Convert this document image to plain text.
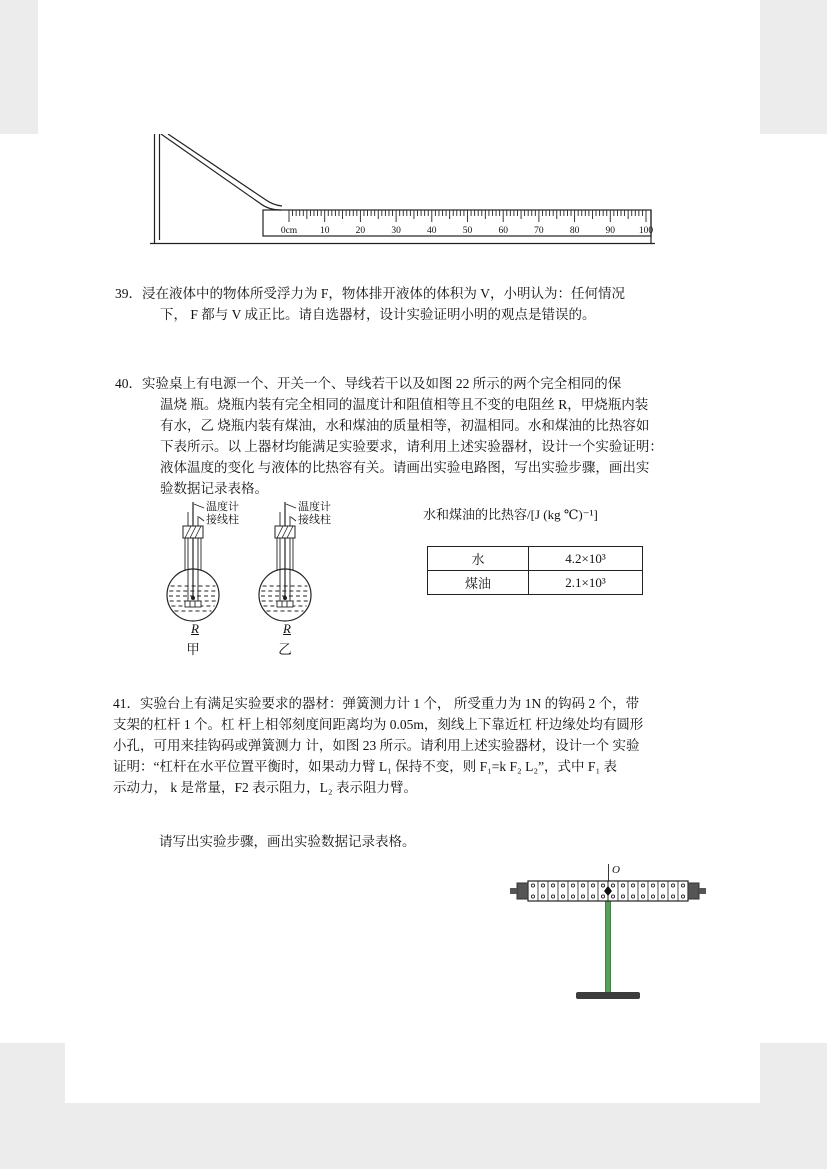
0cm 10	20	30	40	50	60	70	80	90	100
39．浸在液体中的物体所受浮力为 F，物体排开液体的体积为 V，小明认为：任何情况
下， F 都与 V 成正比。请自选器材，设计实验证明小明的观点是错误的。
40．实验桌上有电源一个、开关一个、导线若干以及如图 22 所示的两个完全相同的保
温烧 瓶。烧瓶内装有完全相同的温度计和阻值相等且不变的电阻丝 R，甲烧瓶内装
有水，乙 烧瓶内装有煤油，水和煤油的质量相等，初温相同。水和煤油的比热容如
下表所示。以 上器材均能满足实验要求，请利用上述实验器材，设计一个实验证明：
液体温度的变化 与液体的比热容有关。请画出实验电路图，写出实验步骤，画出实
验数据记录表格。
温度计
接线柱
温度计
接线柱
R	R
甲	乙
水和煤油的比热容/[J (kg ℃)⁻¹]
水	4.2×10³
煤油	2.1×10³
41．实验台上有满足实验要求的器材：弹簧测力计 1 个， 所受重力为 1N 的钩码 2 个，带
支架的杠杆 1 个。杠 杆上相邻刻度间距离均为 0.05m，刻线上下靠近杠 杆边缘处均有圆形
小孔，可用来挂钩码或弹簧测力 计，如图 23 所示。请利用上述实验器材，设计一个 实验
证明：“杠杆在水平位置平衡时，如果动力臂 L₁ 保持不变，则 F₁=k F₂ L₂”，式中 F₁ 表
示动力， k 是常量，F2 表示阻力，L₂ 表示阻力臂。
请写出实验步骤，画出实验数据记录表格。
O
